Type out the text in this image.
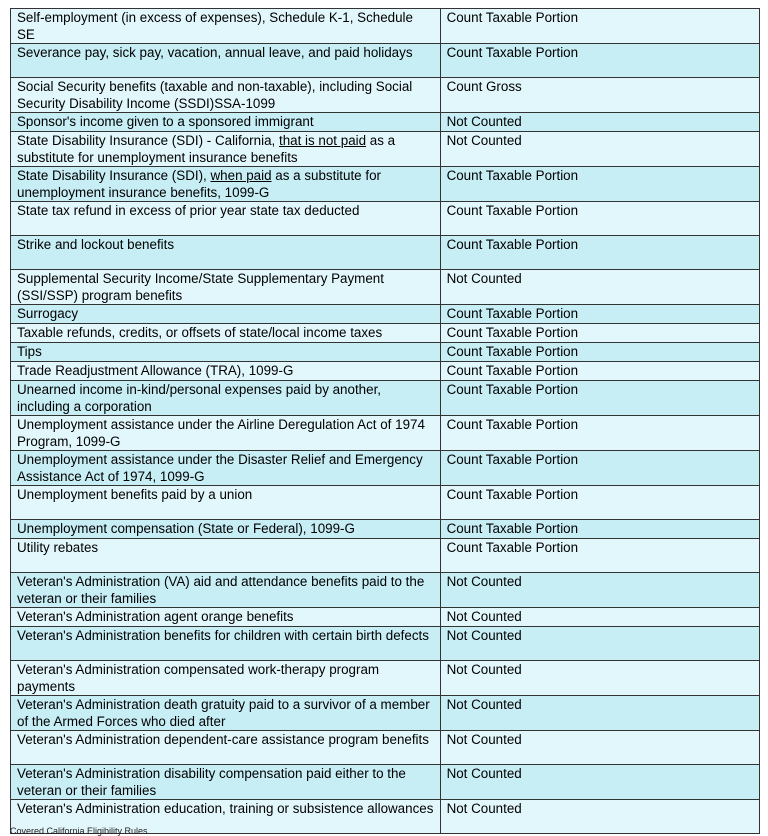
Self-employment (in excess of expenses), Schedule K-1, Schedule SE	Count Taxable Portion
Severance pay, sick pay, vacation, annual leave, and paid holidays	Count Taxable Portion
Social Security benefits (taxable and non-taxable), including Social Security Disability Income (SSDI)SSA-1099	Count Gross
Sponsor's income given to a sponsored immigrant	Not Counted
State Disability Insurance (SDI) - California, that is not paid as a substitute for unemployment insurance benefits	Not Counted
State Disability Insurance (SDI), when paid as a substitute for unemployment insurance benefits, 1099-G	Count Taxable Portion
State tax refund in excess of prior year state tax deducted	Count Taxable Portion
Strike and lockout benefits	Count Taxable Portion
Supplemental Security Income/State Supplementary Payment (SSI/SSP) program benefits	Not Counted
Surrogacy	Count Taxable Portion
Taxable refunds, credits, or offsets of state/local income taxes	Count Taxable Portion
Tips	Count Taxable Portion
Trade Readjustment Allowance (TRA), 1099-G	Count Taxable Portion
Unearned income in-kind/personal expenses paid by another, including a corporation	Count Taxable Portion
Unemployment assistance under the Airline Deregulation Act of 1974 Program, 1099-G	Count Taxable Portion
Unemployment assistance under the Disaster Relief and Emergency Assistance Act of 1974, 1099-G	Count Taxable Portion
Unemployment benefits paid by a union	Count Taxable Portion
Unemployment compensation (State or Federal), 1099-G	Count Taxable Portion
Utility rebates	Count Taxable Portion
Veteran's Administration (VA) aid and attendance benefits paid to the veteran or their families	Not Counted
Veteran's Administration agent orange benefits	Not Counted
Veteran's Administration benefits for children with certain birth defects	Not Counted
Veteran's Administration compensated work-therapy program payments	Not Counted
Veteran's Administration death gratuity paid to a survivor of a member of the Armed Forces who died after	Not Counted
Veteran's Administration dependent-care assistance program benefits	Not Counted
Veteran's Administration disability compensation paid either to the veteran or their families	Not Counted
Veteran's Administration education, training or subsistence allowances	Not Counted
Covered California Eligibility Rules
